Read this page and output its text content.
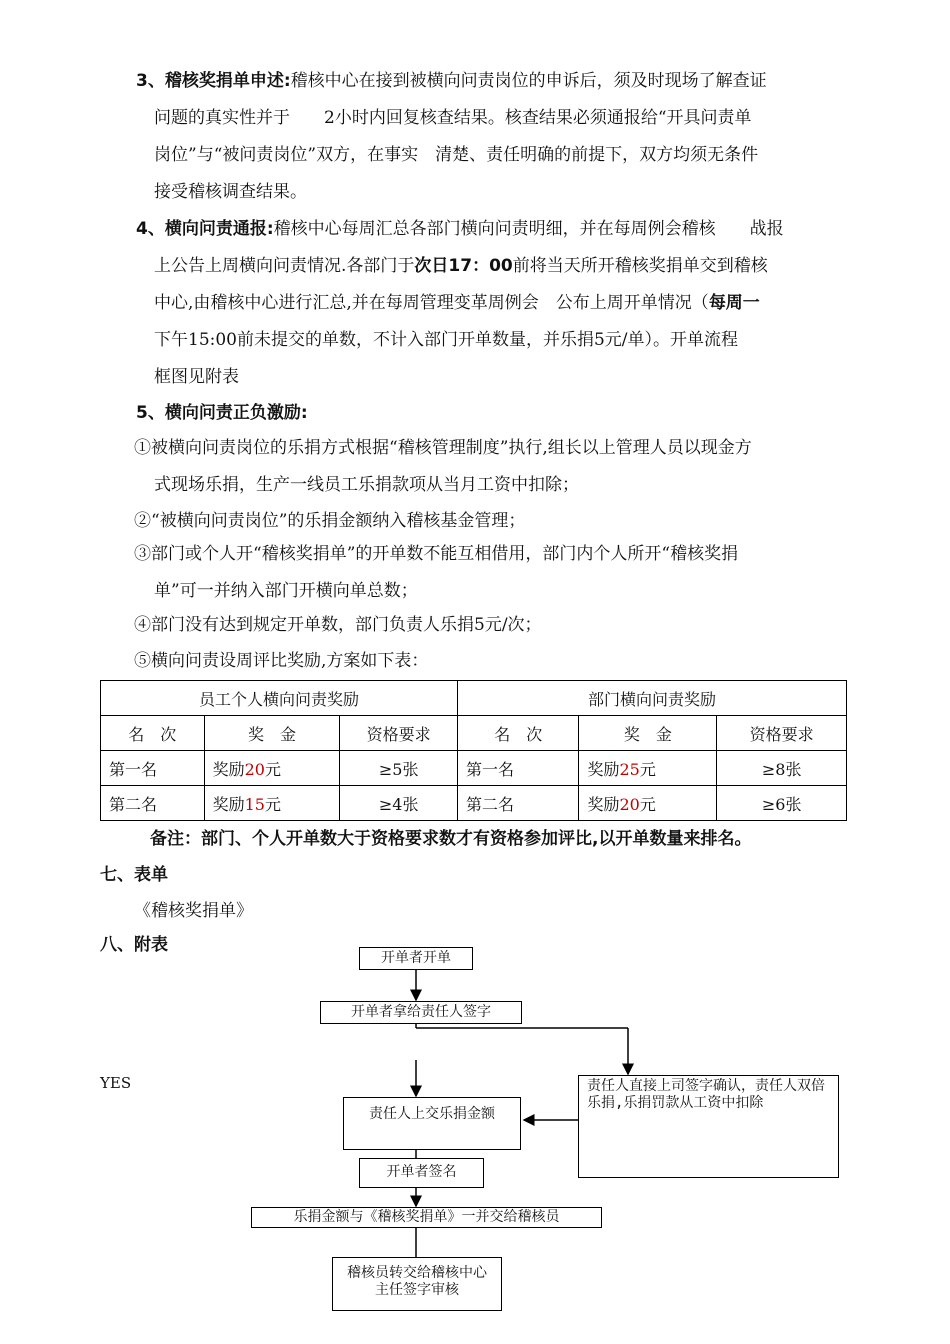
3、稽核奖捐单申述:稽核中心在接到被横向问责岗位的申诉后，须及时现场了解查证
问题的真实性并于　　2小时内回复核查结果。核查结果必须通报给“开具问责单
岗位”与“被问责岗位”双方，在事实　清楚、责任明确的前提下，双方均须无条件
接受稽核调查结果。
4、横向问责通报:稽核中心每周汇总各部门横向问责明细，并在每周例会稽核　　战报
上公告上周横向问责情况.各部门于次日17：00前将当天所开稽核奖捐单交到稽核
中心,由稽核中心进行汇总,并在每周管理变革周例会　公布上周开单情况（每周一
下午15:00前未提交的单数，不计入部门开单数量，并乐捐5元/单）。开单流程
框图见附表
5、横向问责正负激励:
①被横向问责岗位的乐捐方式根据“稽核管理制度”执行,组长以上管理人员以现金方
式现场乐捐，生产一线员工乐捐款项从当月工资中扣除；
②“被横向问责岗位”的乐捐金额纳入稽核基金管理；
③部门或个人开“稽核奖捐单”的开单数不能互相借用，部门内个人所开“稽核奖捐
单”可一并纳入部门开横向单总数；
④部门没有达到规定开单数，部门负责人乐捐5元/次；
⑤横向问责设周评比奖励,方案如下表：
员工个人横向问责奖励			部门横向问责奖励		
名　次	奖　金	资格要求	名　次	奖　金	资格要求
第一名	奖励20元	≥5张	第一名	奖励25元	≥8张
第二名	奖励15元	≥4张	第二名	奖励20元	≥6张
备注：部门、个人开单数大于资格要求数才有资格参加评比,以开单数量来排名。
七、表单
《稽核奖捐单》
八、附表
YES
开单者开单
开单者拿给责任人签字
责任人上交乐捐金额
责任人直接上司签字确认，责任人双倍乐捐,乐捐罚款从工资中扣除
开单者签名
乐捐金额与《稽核奖捐单》一并交给稽核员
稽核员转交给稽核中心主任签字审核
